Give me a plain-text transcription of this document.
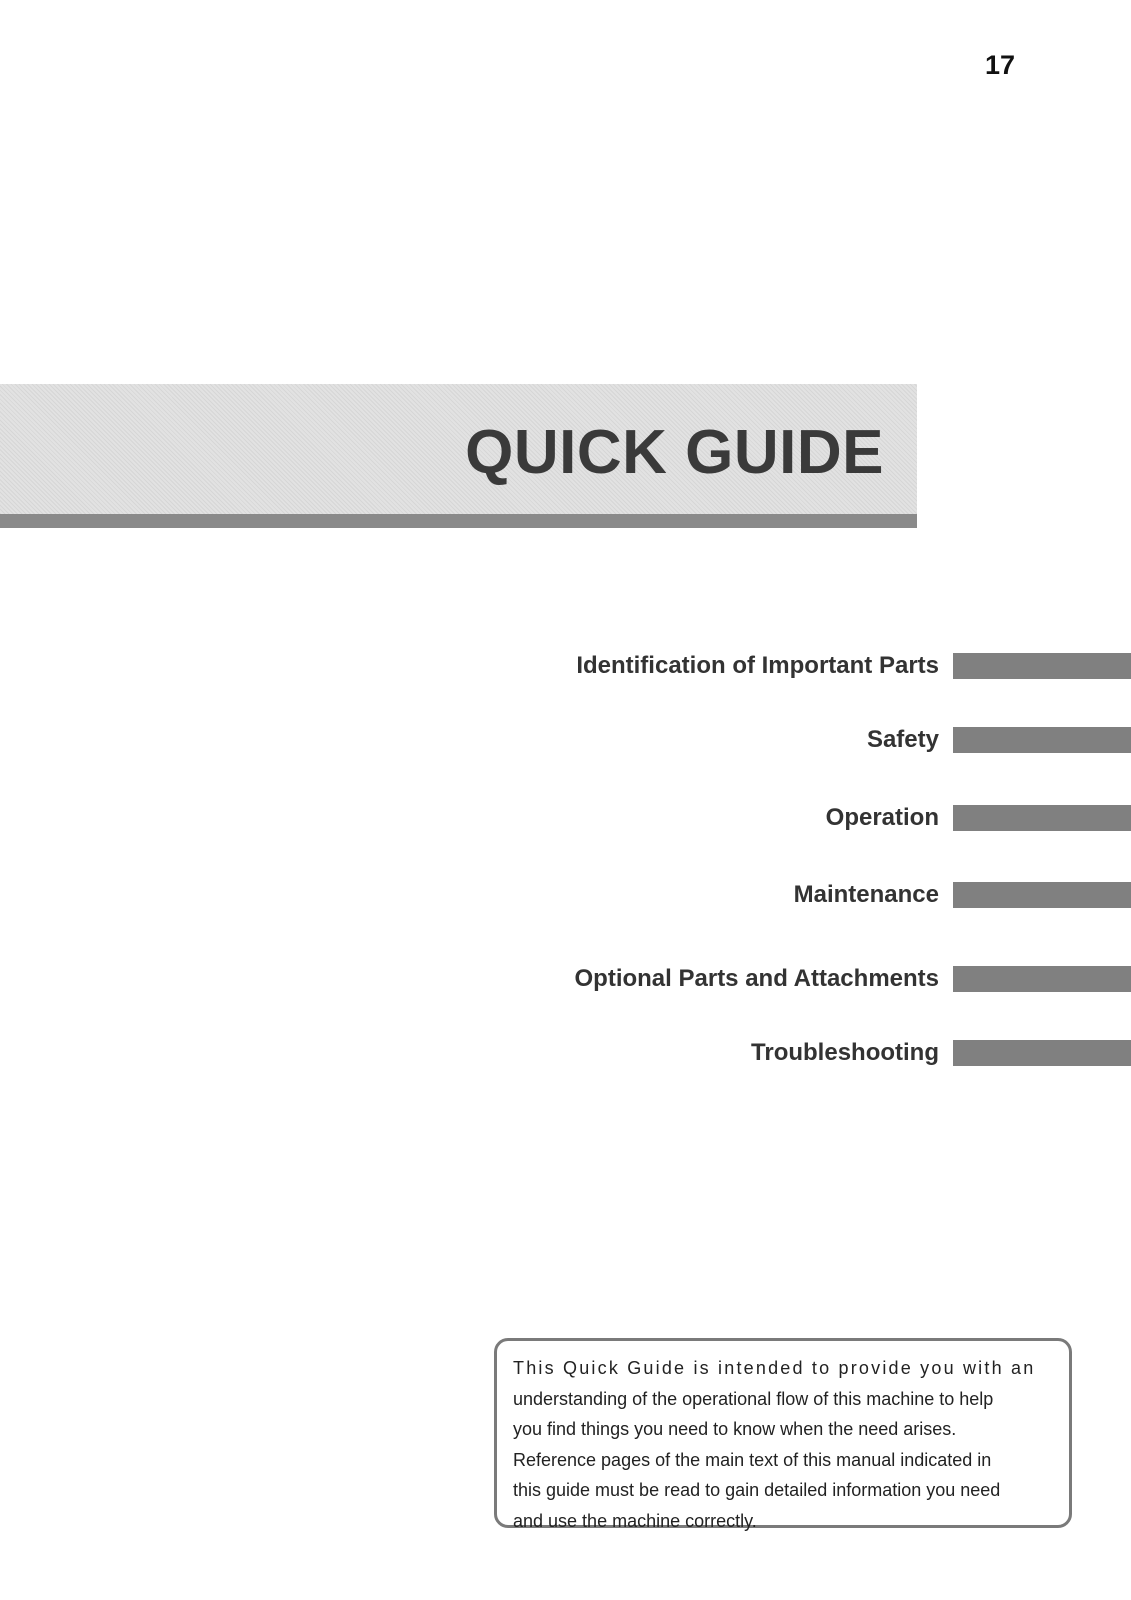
17
QUICK GUIDE
Identification of Important Parts
Safety
Operation
Maintenance
Optional Parts and Attachments
Troubleshooting
This Quick Guide is intended to provide you with an
understanding of the operational flow of this machine to help
you find things you need to know when the need arises.
Reference pages of the main text of this manual indicated in
this guide must be read to gain detailed information you need
and use the machine correctly.
